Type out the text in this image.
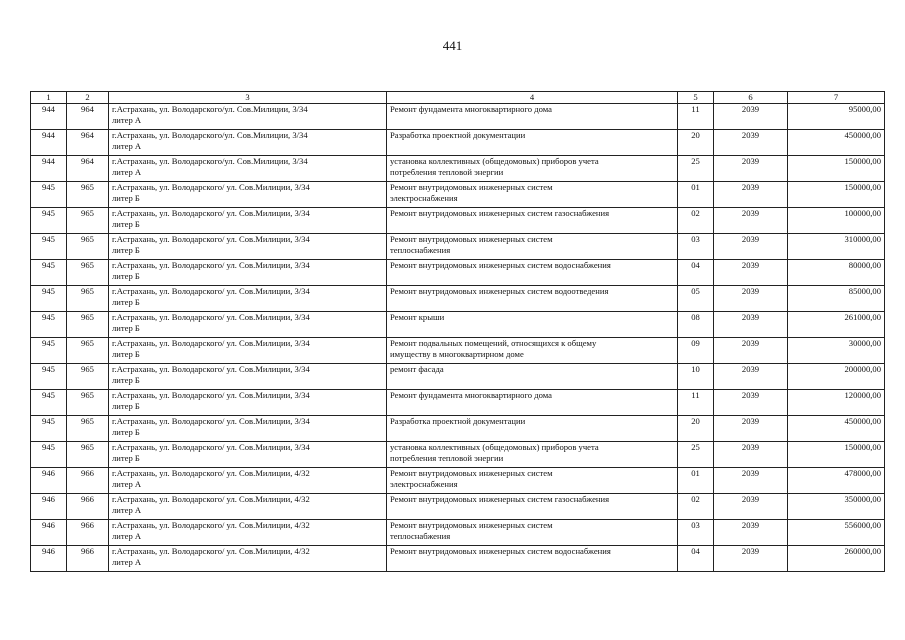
441
1	2	3	4	5	6	7

944	964	г.Астрахань, ул. Володарского/ул. Сов.Милиции, 3/34
литер А	Ремонт фундамента многоквартирного дома	11	2039	95000,00

944	964	г.Астрахань, ул. Володарского/ул. Сов.Милиции, 3/34
литер А	Разработка проектной документации	20	2039	450000,00

944	964	г.Астрахань, ул. Володарского/ул. Сов.Милиции, 3/34
литер А	установка коллективных (общедомовых) приборов учета
потребления тепловой энергии	25	2039	150000,00

945	965	г.Астрахань, ул. Володарского/ ул. Сов.Милиции, 3/34
литер Б	Ремонт внутридомовых инженерных систем
электроснабжения	01	2039	150000,00

945	965	г.Астрахань, ул. Володарского/ ул. Сов.Милиции, 3/34
литер Б	Ремонт внутридомовых инженерных систем газоснабжения	02	2039	100000,00

945	965	г.Астрахань, ул. Володарского/ ул. Сов.Милиции, 3/34
литер Б	Ремонт внутридомовых инженерных систем
теплоснабжения	03	2039	310000,00

945	965	г.Астрахань, ул. Володарского/ ул. Сов.Милиции, 3/34
литер Б	Ремонт внутридомовых инженерных систем водоснабжения	04	2039	80000,00

945	965	г.Астрахань, ул. Володарского/ ул. Сов.Милиции, 3/34
литер Б	Ремонт внутридомовых инженерных систем водоотведения	05	2039	85000,00

945	965	г.Астрахань, ул. Володарского/ ул. Сов.Милиции, 3/34
литер Б	Ремонт крыши	08	2039	261000,00

945	965	г.Астрахань, ул. Володарского/ ул. Сов.Милиции, 3/34
литер Б	Ремонт подвальных помещений, относящихся к общему
имуществу в многоквартирном доме	09	2039	30000,00

945	965	г.Астрахань, ул. Володарского/ ул. Сов.Милиции, 3/34
литер Б	ремонт фасада	10	2039	200000,00

945	965	г.Астрахань, ул. Володарского/ ул. Сов.Милиции, 3/34
литер Б	Ремонт фундамента многоквартирного дома	11	2039	120000,00

945	965	г.Астрахань, ул. Володарского/ ул. Сов.Милиции, 3/34
литер Б	Разработка проектной документации	20	2039	450000,00

945	965	г.Астрахань, ул. Володарского/ ул. Сов.Милиции, 3/34
литер Б	установка коллективных (общедомовых) приборов учета
потребления тепловой энергии	25	2039	150000,00

946	966	г.Астрахань, ул. Володарского/ ул. Сов.Милиции, 4/32
литер А	Ремонт внутридомовых инженерных систем
электроснабжения	01	2039	478000,00

946	966	г.Астрахань, ул. Володарского/ ул. Сов.Милиции, 4/32
литер А	Ремонт внутридомовых инженерных систем газоснабжения	02	2039	350000,00

946	966	г.Астрахань, ул. Володарского/ ул. Сов.Милиции, 4/32
литер А	Ремонт внутридомовых инженерных систем
теплоснабжения	03	2039	556000,00

946	966	г.Астрахань, ул. Володарского/ ул. Сов.Милиции, 4/32
литер А	Ремонт внутридомовых инженерных систем водоснабжения	04	2039	260000,00
